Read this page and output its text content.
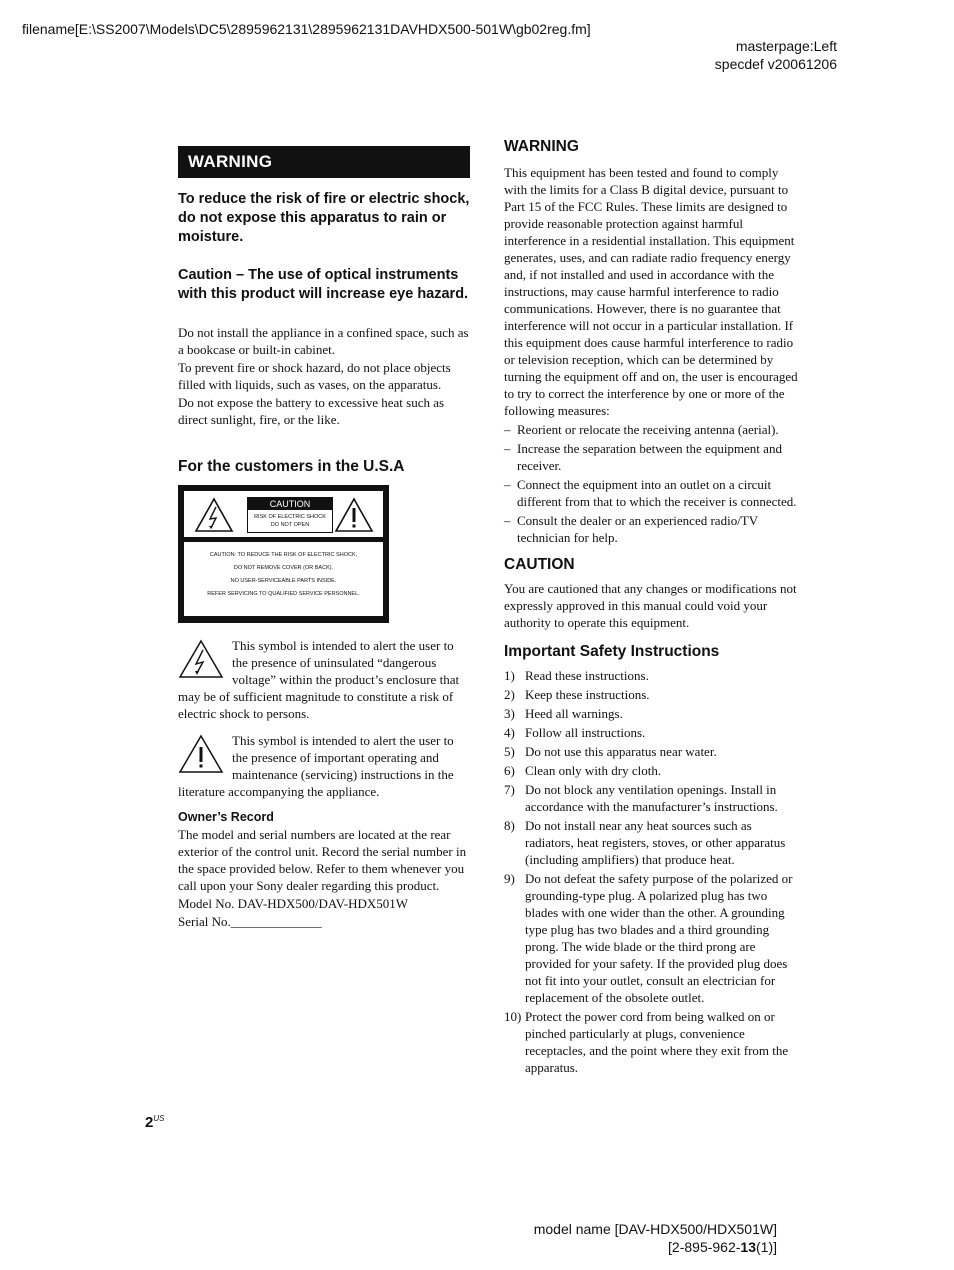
filename[E:\SS2007\Models\DC5\2895962131\2895962131DAVHDX500-501W\gb02reg.fm]
masterpage:Left
specdef v20061206
WARNING

To reduce the risk of fire or electric shock, do not expose this apparatus to rain or moisture.

Caution – The use of optical instruments with this product will increase eye hazard.

Do not install the appliance in a confined space, such as a bookcase or built-in cabinet.

To prevent fire or shock hazard, do not place objects filled with liquids, such as vases, on the apparatus.

Do not expose the battery to excessive heat such as direct sunlight, fire, or the like.

For the customers in the U.S.A
CAUTION
RISK OF ELECTRIC SHOCK
DO NOT OPEN
CAUTION: TO REDUCE THE RISK OF ELECTRIC SHOCK,
DO NOT REMOVE COVER (OR BACK).
NO USER-SERVICEABLE PARTS INSIDE.
REFER SERVICING TO QUALIFIED SERVICE PERSONNEL.

This symbol is intended to alert the user to the presence of uninsulated “dangerous voltage” within the product’s enclosure that may be of sufficient magnitude to constitute a risk of electric shock to persons.

This symbol is intended to alert the user to the presence of important operating and maintenance (servicing) instructions in the literature accompanying the appliance.

Owner’s Record

The model and serial numbers are located at the rear exterior of the control unit. Record the serial number in the space provided below. Refer to them whenever you call upon your Sony dealer regarding this product.

Model No. DAV-HDX500/DAV-HDX501W

Serial No.______________

WARNING

This equipment has been tested and found to comply with the limits for a Class B digital device, pursuant to Part 15 of the FCC Rules. These limits are designed to provide reasonable protection against harmful interference in a residential installation. This equipment generates, uses, and can radiate radio frequency energy and, if not installed and used in accordance with the instructions, may cause harmful interference to radio communications. However, there is no guarantee that interference will not occur in a particular installation. If this equipment does cause harmful interference to radio or television reception, which can be determined by turning the equipment off and on, the user is encouraged to try to correct the interference by one or more of the following measures:

– Reorient or relocate the receiving antenna (aerial).
– Increase the separation between the equipment and receiver.
– Connect the equipment into an outlet on a circuit different from that to which the receiver is connected.
– Consult the dealer or an experienced radio/TV technician for help.
CAUTION

You are cautioned that any changes or modifications not expressly approved in this manual could void your authority to operate this equipment.

Important Safety Instructions
1) Read these instructions.
2) Keep these instructions.
3) Heed all warnings.
4) Follow all instructions.
5) Do not use this apparatus near water.
6) Clean only with dry cloth.
7) Do not block any ventilation openings. Install in accordance with the manufacturer’s instructions.
8) Do not install near any heat sources such as radiators, heat registers, stoves, or other apparatus (including amplifiers) that produce heat.
9) Do not defeat the safety purpose of the polarized or grounding-type plug. A polarized plug has two blades with one wider than the other. A grounding type plug has two blades and a third grounding prong. The wide blade or the third prong are provided for your safety. If the provided plug does not fit into your outlet, consult an electrician for replacement of the obsolete outlet.
10) Protect the power cord from being walked on or pinched particularly at plugs, convenience receptacles, and the point where they exit from the apparatus.
$2^{US}$
model name [DAV-HDX500/HDX501W]
[2-895-962-13(1)]
